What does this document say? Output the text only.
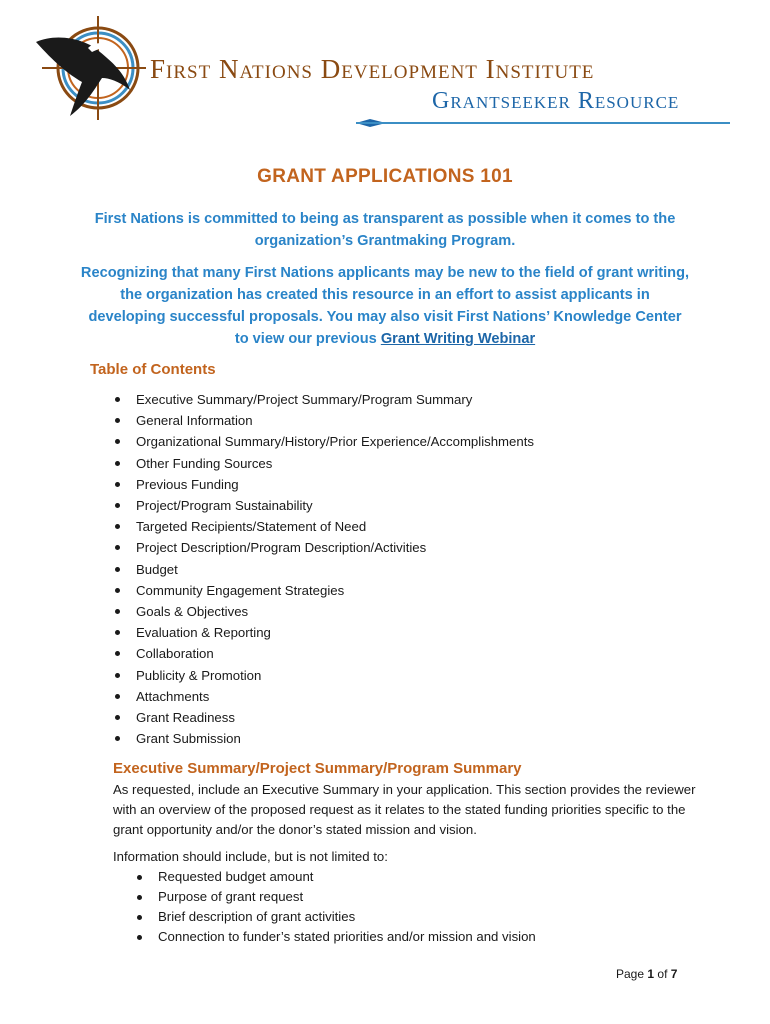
First Nations Development Institute
Grantseeker Resource
GRANT APPLICATIONS 101
First Nations is committed to being as transparent as possible when it comes to the organization’s Grantmaking Program.
Recognizing that many First Nations applicants may be new to the field of grant writing, the organization has created this resource in an effort to assist applicants in developing successful proposals. You may also visit First Nations’ Knowledge Center to view our previous Grant Writing Webinar
Table of Contents
Executive Summary/Project Summary/Program Summary
General Information
Organizational Summary/History/Prior Experience/Accomplishments
Other Funding Sources
Previous Funding
Project/Program Sustainability
Targeted Recipients/Statement of Need
Project Description/Program Description/Activities
Budget
Community Engagement Strategies
Goals & Objectives
Evaluation & Reporting
Collaboration
Publicity & Promotion
Attachments
Grant Readiness
Grant Submission
Executive Summary/Project Summary/Program Summary
As requested, include an Executive Summary in your application. This section provides the reviewer with an overview of the proposed request as it relates to the stated funding priorities specific to the grant opportunity and/or the donor’s stated mission and vision.
Information should include, but is not limited to:
Requested budget amount
Purpose of grant request
Brief description of grant activities
Connection to funder’s stated priorities and/or mission and vision
Page 1 of 7
